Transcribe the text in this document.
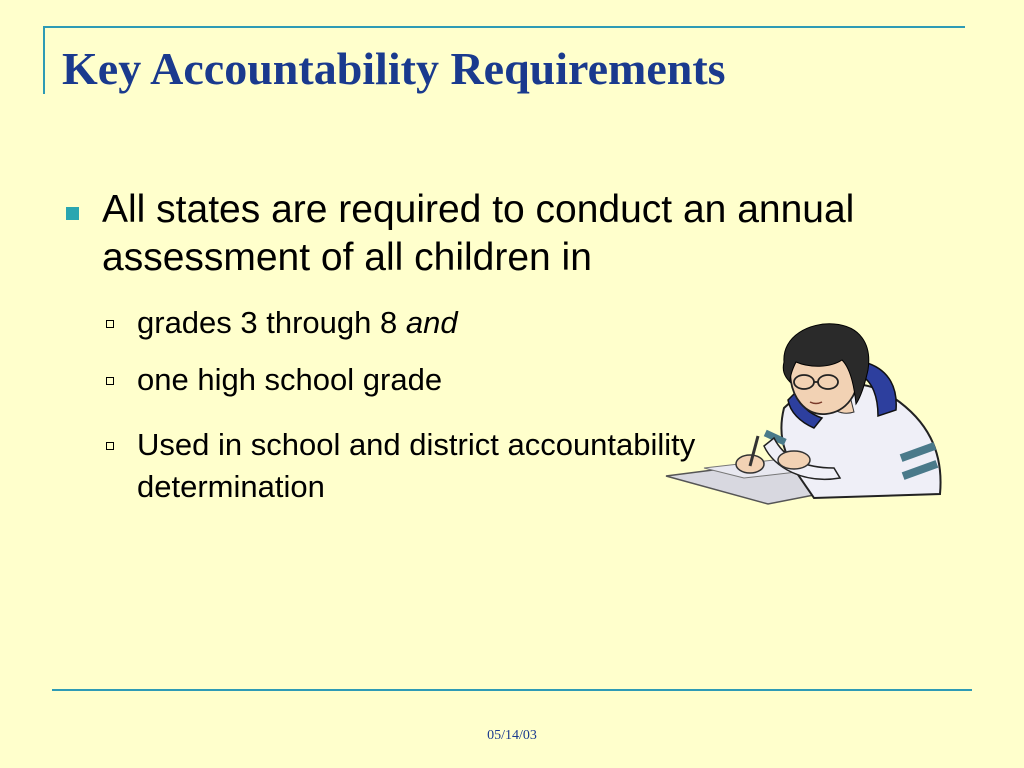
Key Accountability Requirements

All states are required to conduct an annual assessment of all children in

grades 3 through 8 and

one high school grade

Used in school and district accountability determination

05/14/03
